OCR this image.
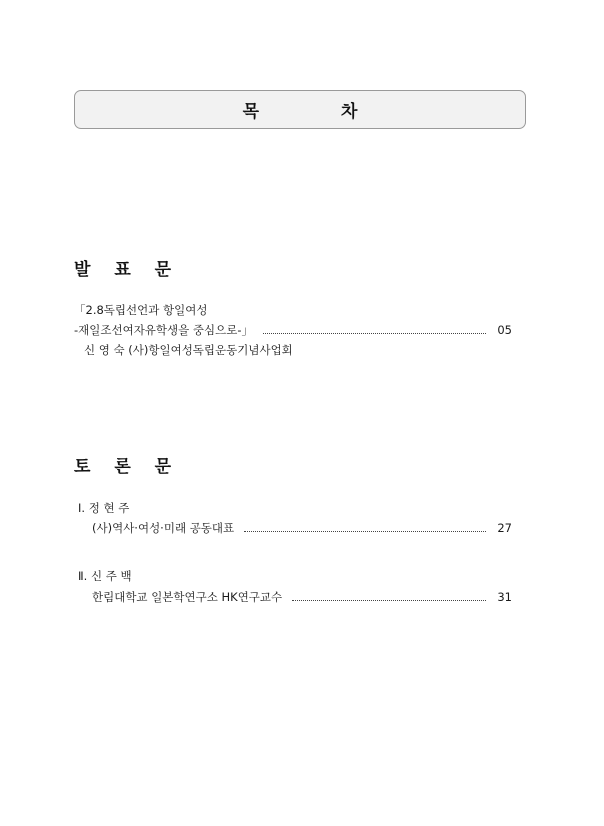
목 차
발 표 문
「2.8독립선언과 항일여성
-재일조선여자유학생을 중심으로-」	05
신 영 숙 (사)항일여성독립운동기념사업회
토 론 문
Ⅰ. 정 현 주
(사)역사·여성·미래 공동대표	27
Ⅱ. 신 주 백
한림대학교 일본학연구소 HK연구교수	31
